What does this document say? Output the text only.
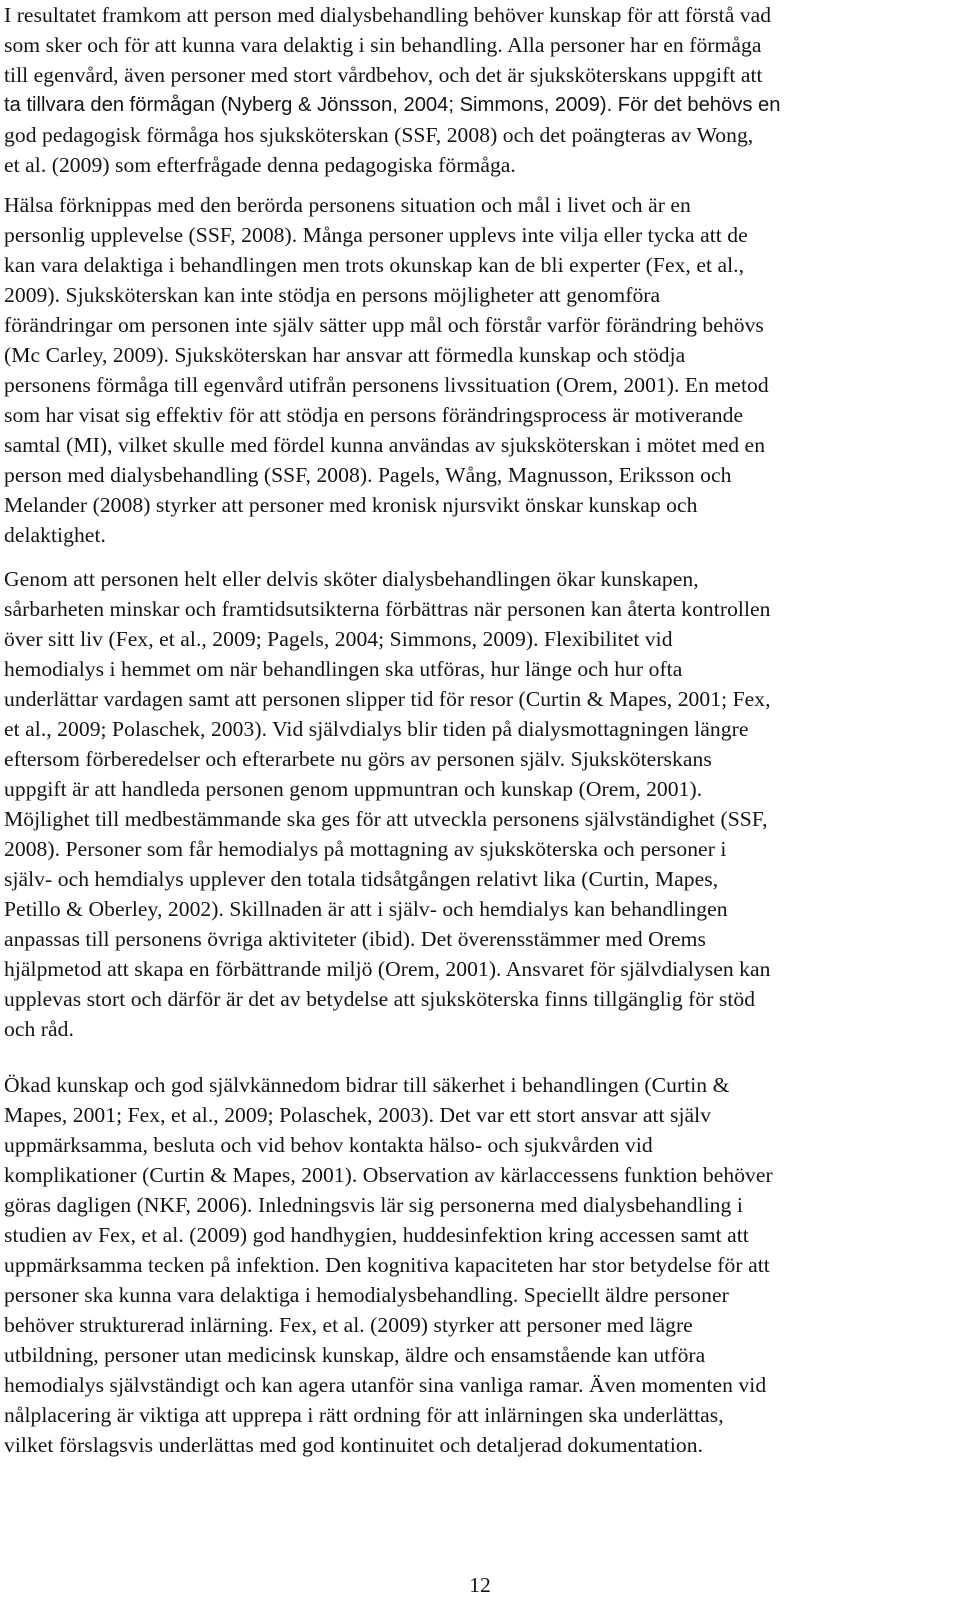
I resultatet framkom att person med dialysbehandling behöver kunskap för att förstå vad
som sker och för att kunna vara delaktig i sin behandling. Alla personer har en förmåga
till egenvård, även personer med stort vårdbehov, och det är sjuksköterskans uppgift att
ta tillvara den förmågan (Nyberg & Jönsson, 2004; Simmons, 2009). För det behövs en
god pedagogisk förmåga hos sjuksköterskan (SSF, 2008) och det poängteras av Wong,
et al. (2009) som efterfrågade denna pedagogiska förmåga.

Hälsa förknippas med den berörda personens situation och mål i livet och är en
personlig upplevelse (SSF, 2008). Många personer upplevs inte vilja eller tycka att de
kan vara delaktiga i behandlingen men trots okunskap kan de bli experter (Fex, et al.,
2009). Sjuksköterskan kan inte stödja en persons möjligheter att genomföra
förändringar om personen inte själv sätter upp mål och förstår varför förändring behövs
(Mc Carley, 2009). Sjuksköterskan har ansvar att förmedla kunskap och stödja
personens förmåga till egenvård utifrån personens livssituation (Orem, 2001). En metod
som har visat sig effektiv för att stödja en persons förändringsprocess är motiverande
samtal (MI), vilket skulle med fördel kunna användas av sjuksköterskan i mötet med en
person med dialysbehandling (SSF, 2008). Pagels, Wång, Magnusson, Eriksson och
Melander (2008) styrker att personer med kronisk njursvikt önskar kunskap och
delaktighet.

Genom att personen helt eller delvis sköter dialysbehandlingen ökar kunskapen,
sårbarheten minskar och framtidsutsikterna förbättras när personen kan återta kontrollen
över sitt liv (Fex, et al., 2009; Pagels, 2004; Simmons, 2009). Flexibilitet vid
hemodialys i hemmet om när behandlingen ska utföras, hur länge och hur ofta
underlättar vardagen samt att personen slipper tid för resor (Curtin & Mapes, 2001; Fex,
et al., 2009; Polaschek, 2003). Vid självdialys blir tiden på dialysmottagningen längre
eftersom förberedelser och efterarbete nu görs av personen själv. Sjuksköterskans
uppgift är att handleda personen genom uppmuntran och kunskap (Orem, 2001).
Möjlighet till medbestämmande ska ges för att utveckla personens självständighet (SSF,
2008). Personer som får hemodialys på mottagning av sjuksköterska och personer i
själv- och hemdialys upplever den totala tidsåtgången relativt lika (Curtin, Mapes,
Petillo & Oberley, 2002). Skillnaden är att i själv- och hemdialys kan behandlingen
anpassas till personens övriga aktiviteter (ibid). Det överensstämmer med Orems
hjälpmetod att skapa en förbättrande miljö (Orem, 2001). Ansvaret för självdialysen kan
upplevas stort och därför är det av betydelse att sjuksköterska finns tillgänglig för stöd
och råd.

Ökad kunskap och god självkännedom bidrar till säkerhet i behandlingen (Curtin &
Mapes, 2001; Fex, et al., 2009; Polaschek, 2003). Det var ett stort ansvar att själv
uppmärksamma, besluta och vid behov kontakta hälso- och sjukvården vid
komplikationer (Curtin & Mapes, 2001). Observation av kärlaccessens funktion behöver
göras dagligen (NKF, 2006). Inledningsvis lär sig personerna med dialysbehandling i
studien av Fex, et al. (2009) god handhygien, huddesinfektion kring accessen samt att
uppmärksamma tecken på infektion. Den kognitiva kapaciteten har stor betydelse för att
personer ska kunna vara delaktiga i hemodialysbehandling. Speciellt äldre personer
behöver strukturerad inlärning. Fex, et al. (2009) styrker att personer med lägre
utbildning, personer utan medicinsk kunskap, äldre och ensamstående kan utföra
hemodialys självständigt och kan agera utanför sina vanliga ramar. Även momenten vid
nålplacering är viktiga att upprepa i rätt ordning för att inlärningen ska underlättas,
vilket förslagsvis underlättas med god kontinuitet och detaljerad dokumentation.

12
